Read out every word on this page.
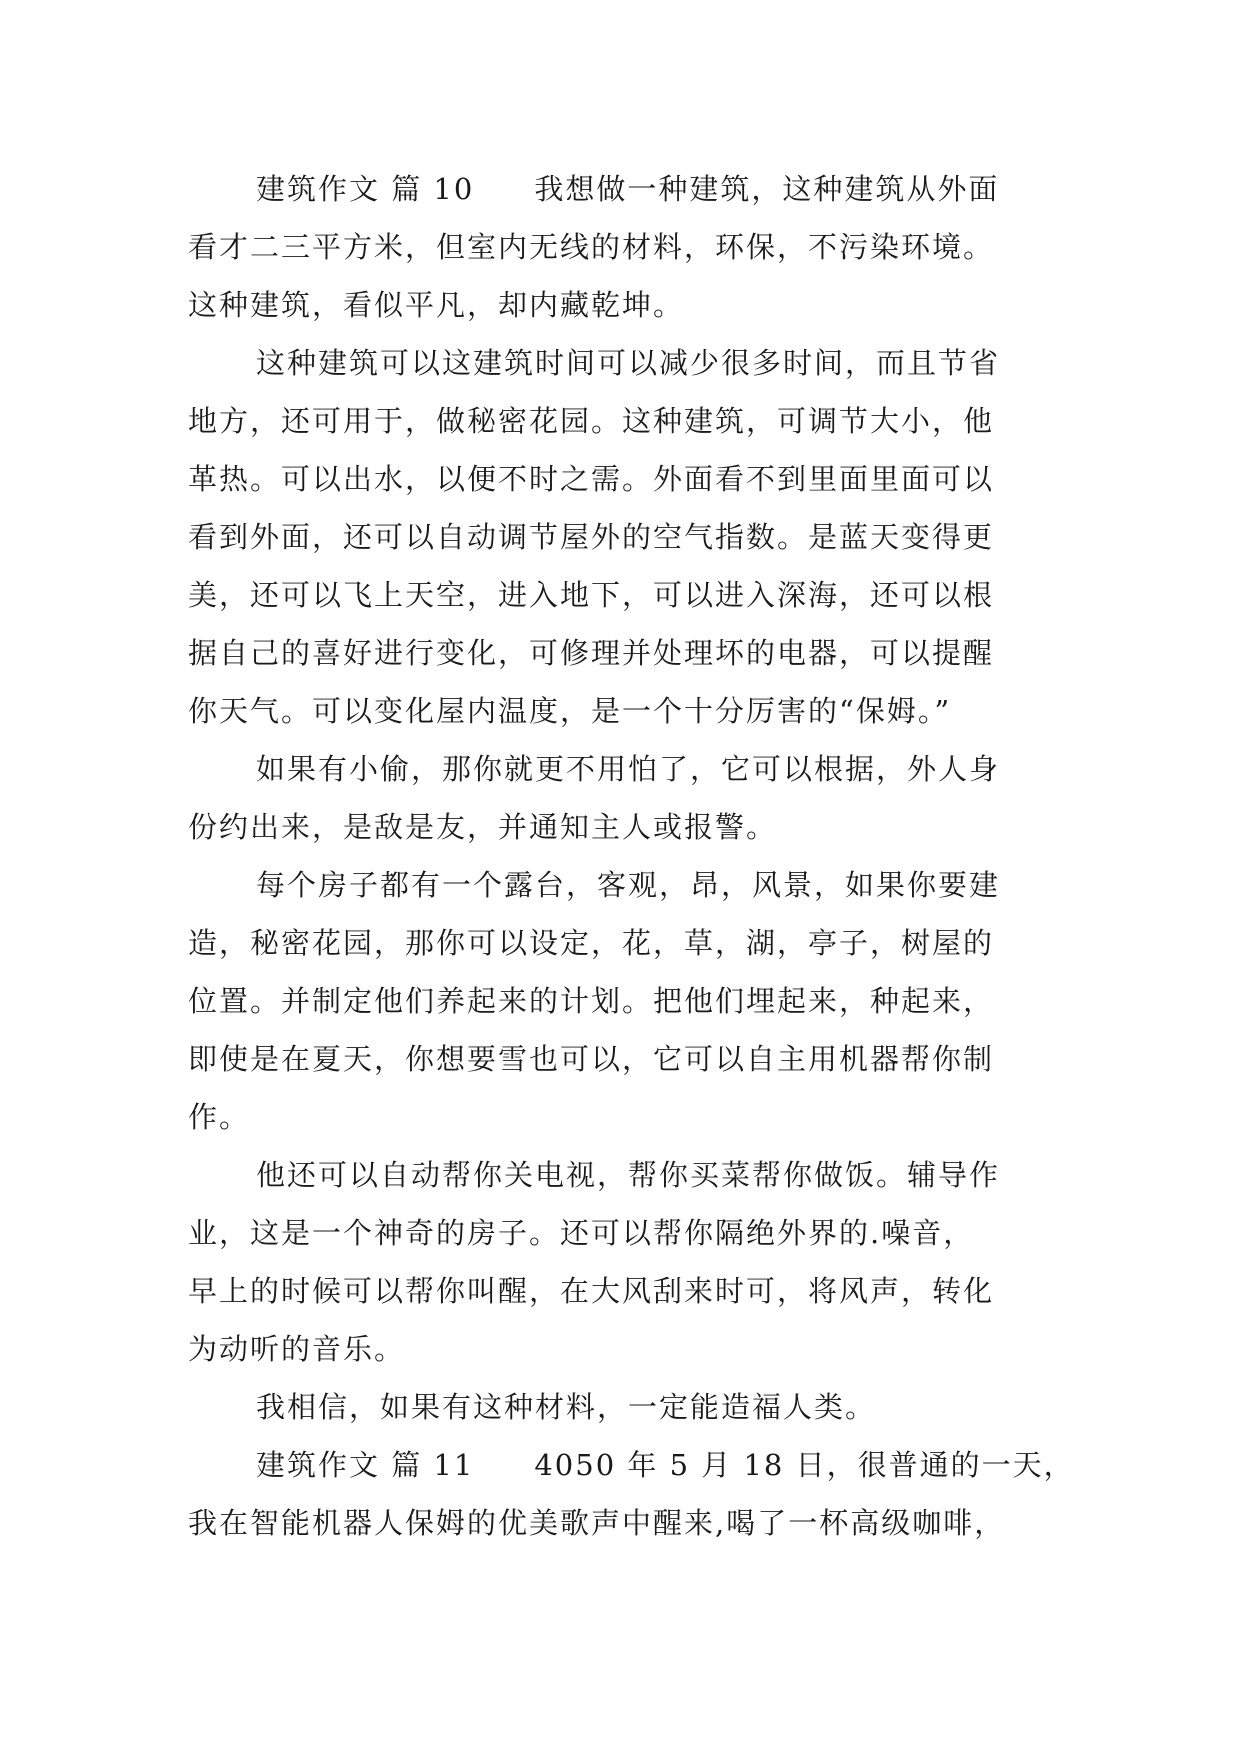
建筑作文 篇 10 我想做一种建筑，这种建筑从外面
看才二三平方米，但室内无线的材料，环保，不污染环境。
这种建筑，看似平凡，却内藏乾坤。
这种建筑可以这建筑时间可以减少很多时间，而且节省
地方，还可用于，做秘密花园。这种建筑，可调节大小，他
革热。可以出水，以便不时之需。外面看不到里面里面可以
看到外面，还可以自动调节屋外的空气指数。是蓝天变得更
美，还可以飞上天空，进入地下，可以进入深海，还可以根
据自己的喜好进行变化，可修理并处理坏的电器，可以提醒
你天气。可以变化屋内温度，是一个十分厉害的“保姆。”
如果有小偷，那你就更不用怕了，它可以根据，外人身
份约出来，是敌是友，并通知主人或报警。
每个房子都有一个露台，客观，昂，风景，如果你要建
造，秘密花园，那你可以设定，花，草，湖，亭子，树屋的
位置。并制定他们养起来的计划。把他们埋起来，种起来，
即使是在夏天，你想要雪也可以，它可以自主用机器帮你制
作。
他还可以自动帮你关电视，帮你买菜帮你做饭。辅导作
业，这是一个神奇的房子。还可以帮你隔绝外界的.噪音，
早上的时候可以帮你叫醒，在大风刮来时可，将风声，转化
为动听的音乐。
我相信，如果有这种材料，一定能造福人类。
建筑作文 篇 11 4050 年 5 月 18 日，很普通的一天，
我在智能机器人保姆的优美歌声中醒来,喝了一杯高级咖啡，
